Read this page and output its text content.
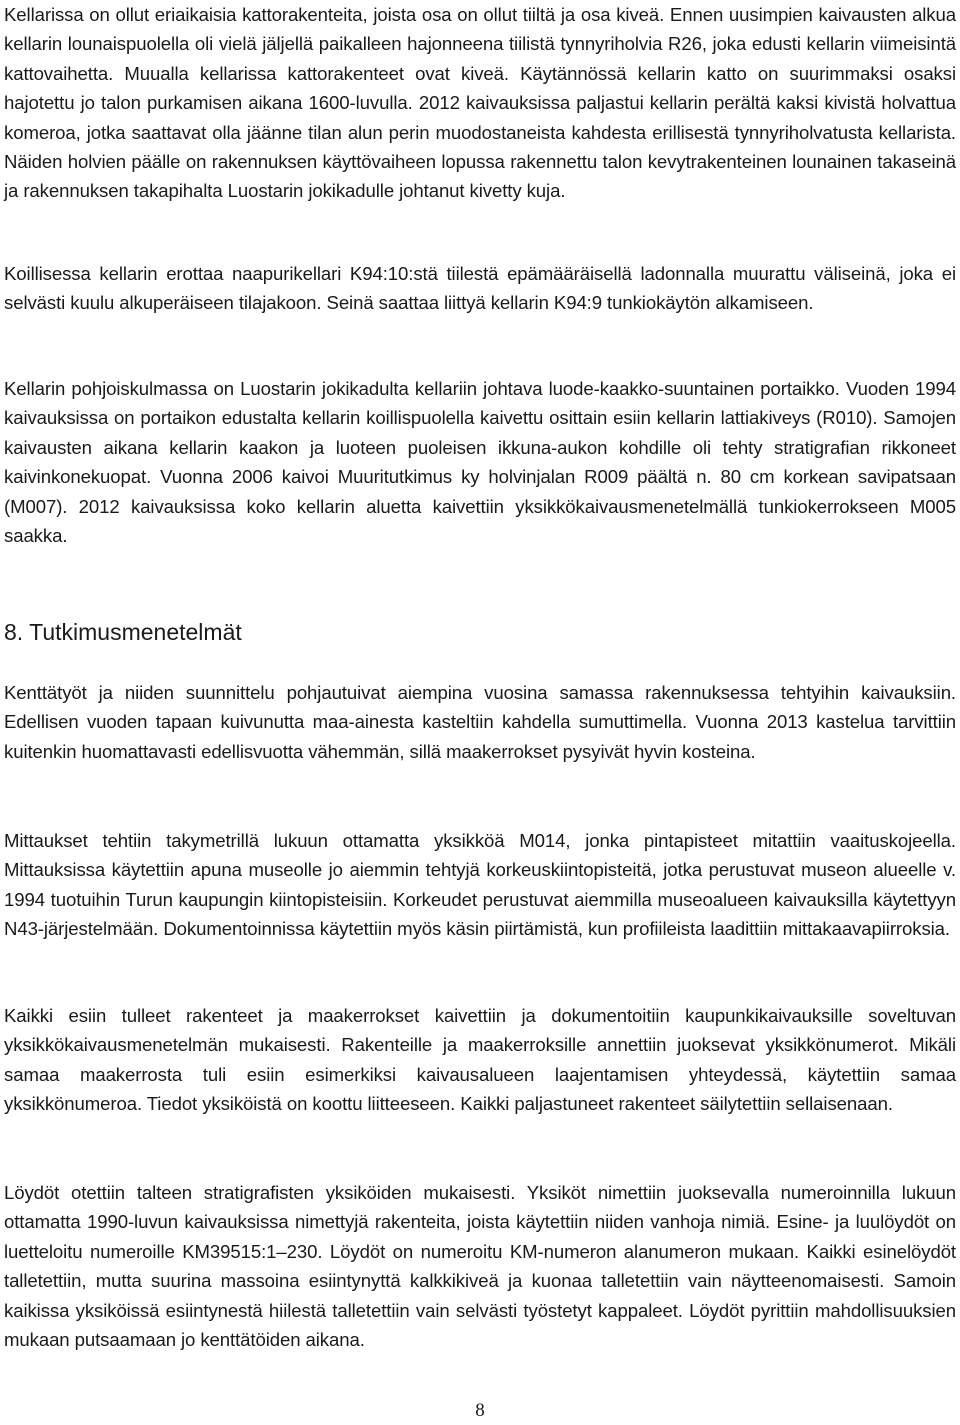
Kellarissa on ollut eriaikaisia kattorakenteita, joista osa on ollut tiiltä ja osa kiveä. Ennen uusimpien kaivausten alkua kellarin lounaispuolella oli vielä jäljellä paikalleen hajonneena tiilistä tynnyriholvia R26, joka edusti kellarin viimeisintä kattovaihetta. Muualla kellarissa kattorakenteet ovat kiveä. Käytännössä kellarin katto on suurimmaksi osaksi hajotettu jo talon purkamisen aikana 1600-luvulla. 2012 kaivauksissa paljastui kellarin perältä kaksi kivistä holvattua komeroa, jotka saattavat olla jäänne tilan alun perin muodostaneista kahdesta erillisestä tynnyriholvatusta kellarista. Näiden holvien päälle on rakennuksen käyttövaiheen lopussa rakennettu talon kevytrakenteinen lounainen takaseinä ja rakennuksen takapihalta Luostarin jokikadulle johtanut kivetty kuja.

Koillisessa kellarin erottaa naapurikellari K94:10:stä tiilestä epämääräisellä ladonnalla muurattu väliseinä, joka ei selvästi kuulu alkuperäiseen tilajakoon. Seinä saattaa liittyä kellarin K94:9 tunkiokäytön alkamiseen.

Kellarin pohjoiskulmassa on Luostarin jokikadulta kellariin johtava luode-kaakko-suuntainen portaikko. Vuoden 1994 kaivauksissa on portaikon edustalta kellarin koillispuolella kaivettu osittain esiin kellarin lattiakiveys (R010). Samojen kaivausten aikana kellarin kaakon ja luoteen puoleisen ikkuna-aukon kohdille oli tehty stratigrafian rikkoneet kaivinkonekuopat. Vuonna 2006 kaivoi Muuritutkimus ky holvinjalan R009 päältä n. 80 cm korkean savipatsaan (M007). 2012 kaivauksissa koko kellarin aluetta kaivettiin yksikkökaivausmenetelmällä tunkiokerrokseen M005 saakka.

8. Tutkimusmenetelmät

Kenttätyöt ja niiden suunnittelu pohjautuivat aiempina vuosina samassa rakennuksessa tehtyihin kaivauksiin. Edellisen vuoden tapaan kuivunutta maa-ainesta kasteltiin kahdella sumuttimella. Vuonna 2013 kastelua tarvittiin kuitenkin huomattavasti edellisvuotta vähemmän, sillä maakerrokset pysyivät hyvin kosteina.

Mittaukset tehtiin takymetrillä lukuun ottamatta yksikköä M014, jonka pintapisteet mitattiin vaaituskojeella. Mittauksissa käytettiin apuna museolle jo aiemmin tehtyjä korkeuskiintopisteitä, jotka perustuvat museon alueelle v. 1994 tuotuihin Turun kaupungin kiintopisteisiin. Korkeudet perustuvat aiemmilla museoalueen kaivauksilla käytettyyn N43-järjestelmään. Dokumentoinnissa käytettiin myös käsin piirtämistä, kun profiileista laadittiin mittakaavapiirroksia.

Kaikki esiin tulleet rakenteet ja maakerrokset kaivettiin ja dokumentoitiin kaupunkikaivauksille soveltuvan yksikkökaivausmenetelmän mukaisesti. Rakenteille ja maakerroksille annettiin juoksevat yksikkönumerot. Mikäli samaa maakerrosta tuli esiin esimerkiksi kaivausalueen laajentamisen yhteydessä, käytettiin samaa yksikkönumeroa. Tiedot yksiköistä on koottu liitteeseen. Kaikki paljastuneet rakenteet säilytettiin sellaisenaan.

Löydöt otettiin talteen stratigrafisten yksiköiden mukaisesti. Yksiköt nimettiin juoksevalla numeroinnilla lukuun ottamatta 1990-luvun kaivauksissa nimettyjä rakenteita, joista käytettiin niiden vanhoja nimiä. Esine- ja luulöydöt on luetteloitu numeroille KM39515:1–230. Löydöt on numeroitu KM-numeron alanumeron mukaan. Kaikki esinelöydöt talletettiin, mutta suurina massoina esiintynyttä kalkkikiveä ja kuonaa talletettiin vain näytteenomaisesti. Samoin kaikissa yksiköissä esiintynestä hiilestä talletettiin vain selvästi työstetyt kappaleet. Löydöt pyrittiin mahdollisuuksien mukaan putsaamaan jo kenttätöiden aikana.

8
